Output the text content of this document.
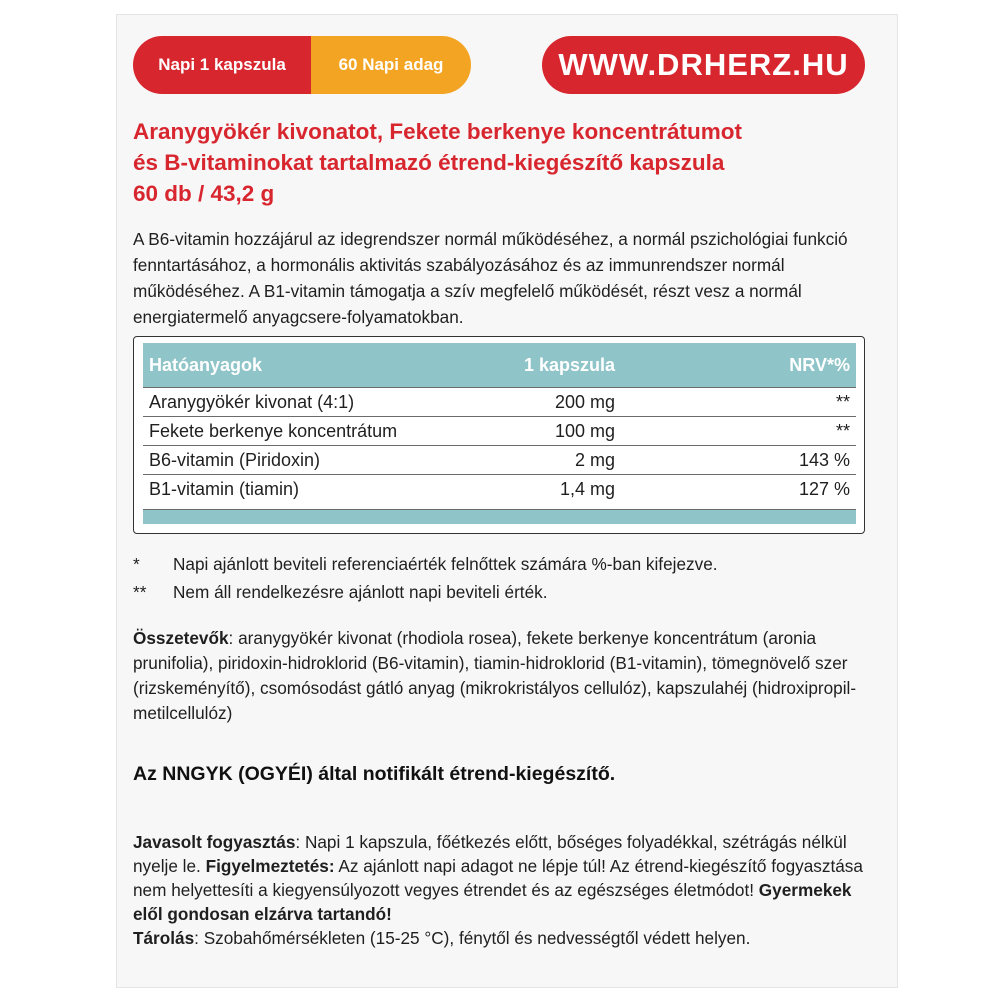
Napi 1 kapszula	60 Napi adag	WWW.DRHERZ.HU
Aranygyökér kivonatot, Fekete berkenye koncentrátumot
és B-vitaminokat tartalmazó étrend-kiegészítő kapszula
60 db / 43,2 g
A B6-vitamin hozzájárul az idegrendszer normál működéséhez, a normál pszichológiai funkció fenntartásához, a hormonális aktivitás szabályozásához és az immunrendszer normál működéséhez. A B1-vitamin támogatja a szív megfelelő működését, részt vesz a normál energiatermelő anyagcsere-folyamatokban.
Hatóanyagok	1 kapszula	NRV*%
Aranygyökér kivonat (4:1)	200 mg	**
Fekete berkenye koncentrátum	100 mg	**
B6-vitamin (Piridoxin)	2 mg	143 %
B1-vitamin (tiamin)	1,4 mg	127 %
*	Napi ajánlott beviteli referenciaérték felnőttek számára %-ban kifejezve.
**	Nem áll rendelkezésre ajánlott napi beviteli érték.
Összetevők: aranygyökér kivonat (rhodiola rosea), fekete berkenye koncentrátum (aronia prunifolia), piridoxin-hidroklorid (B6-vitamin), tiamin-hidroklorid (B1-vitamin), tömegnövelő szer (rizskeményítő), csomósodást gátló anyag (mikrokristályos cellulóz), kapszulahéj (hidroxipropil-metilcellulóz)
Az NNGYK (OGYÉI) által notifikált étrend-kiegészítő.
Javasolt fogyasztás: Napi 1 kapszula, főétkezés előtt, bőséges folyadékkal, szétrágás nélkül nyelje le. Figyelmeztetés: Az ajánlott napi adagot ne lépje túl! Az étrend-kiegészítő fogyasztása nem helyettesíti a kiegyensúlyozott vegyes étrendet és az egészséges életmódot! Gyermekek elől gondosan elzárva tartandó!
Tárolás: Szobahőmérsékleten (15-25 °C), fénytől és nedvességtől védett helyen.
